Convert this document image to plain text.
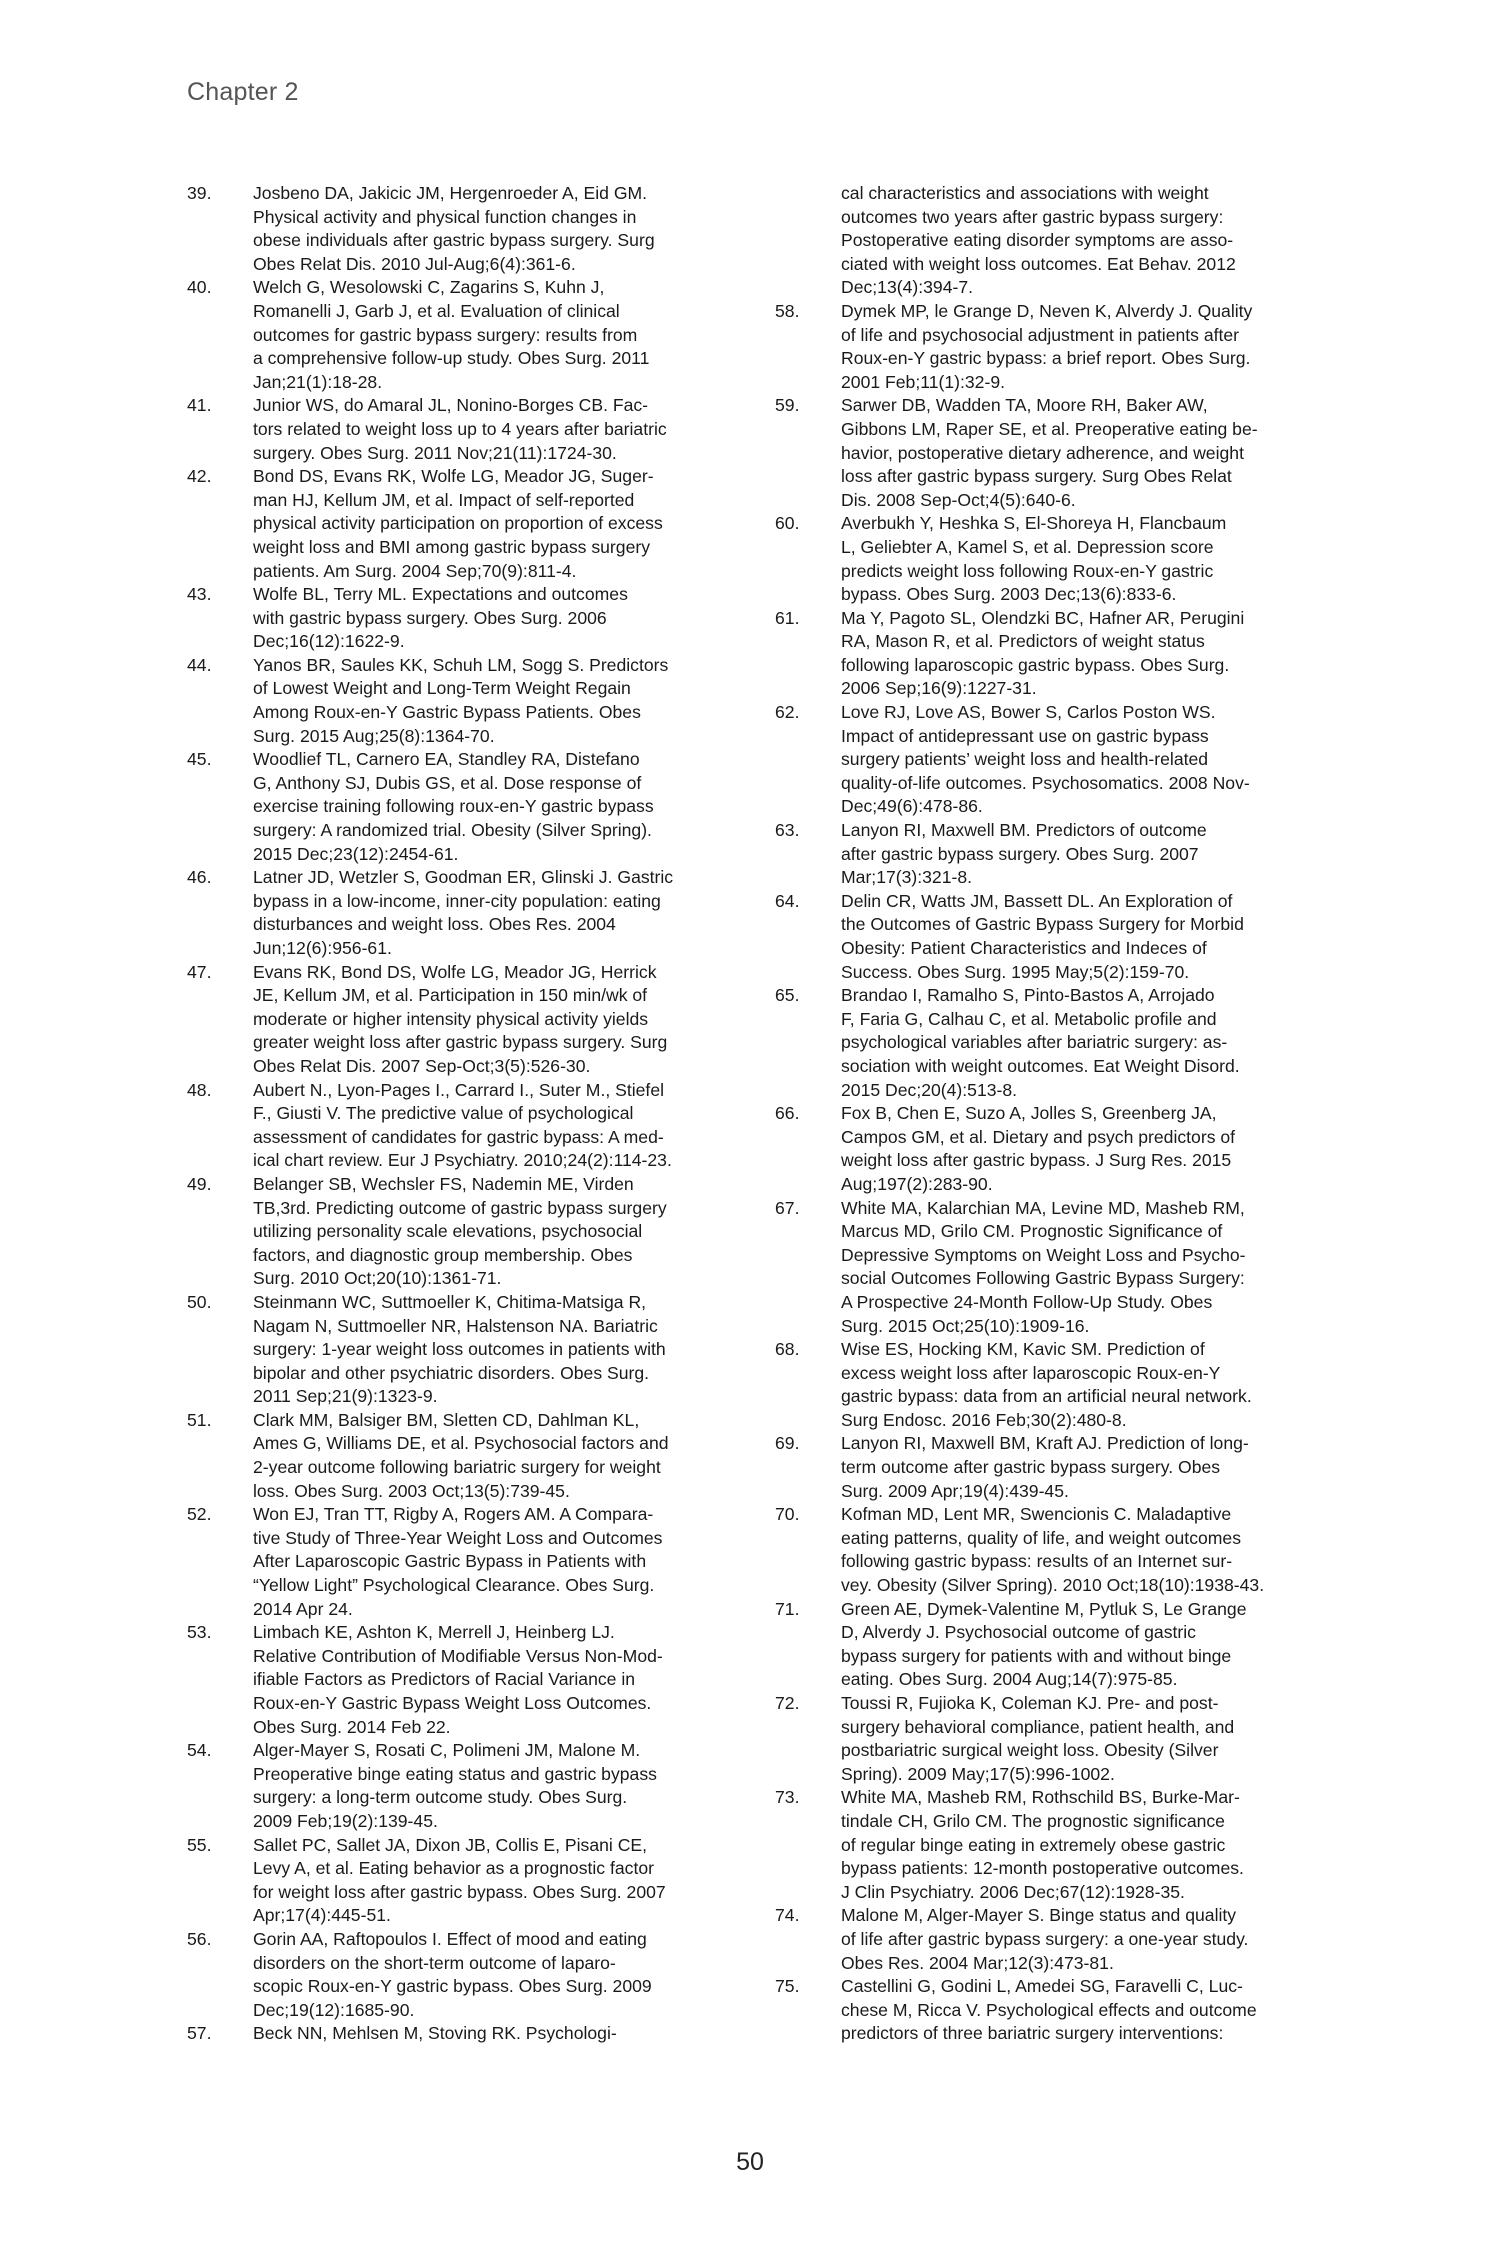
Chapter 2
39.	Josbeno DA, Jakicic JM, Hergenroeder A, Eid GM.
Physical activity and physical function changes in
obese individuals after gastric bypass surgery. Surg
Obes Relat Dis. 2010 Jul-Aug;6(4):361-6.
40.	Welch G, Wesolowski C, Zagarins S, Kuhn J,
Romanelli J, Garb J, et al. Evaluation of clinical
outcomes for gastric bypass surgery: results from
a comprehensive follow-up study. Obes Surg. 2011
Jan;21(1):18-28.
41.	Junior WS, do Amaral JL, Nonino-Borges CB. Fac-
tors related to weight loss up to 4 years after bariatric
surgery. Obes Surg. 2011 Nov;21(11):1724-30.
42.	Bond DS, Evans RK, Wolfe LG, Meador JG, Suger-
man HJ, Kellum JM, et al. Impact of self-reported
physical activity participation on proportion of excess
weight loss and BMI among gastric bypass surgery
patients. Am Surg. 2004 Sep;70(9):811-4.
43.	Wolfe BL, Terry ML. Expectations and outcomes
with gastric bypass surgery. Obes Surg. 2006
Dec;16(12):1622-9.
44.	Yanos BR, Saules KK, Schuh LM, Sogg S. Predictors
of Lowest Weight and Long-Term Weight Regain
Among Roux-en-Y Gastric Bypass Patients. Obes
Surg. 2015 Aug;25(8):1364-70.
45.	Woodlief TL, Carnero EA, Standley RA, Distefano
G, Anthony SJ, Dubis GS, et al. Dose response of
exercise training following roux-en-Y gastric bypass
surgery: A randomized trial. Obesity (Silver Spring).
2015 Dec;23(12):2454-61.
46.	Latner JD, Wetzler S, Goodman ER, Glinski J. Gastric
bypass in a low-income, inner-city population: eating
disturbances and weight loss. Obes Res. 2004
Jun;12(6):956-61.
47.	Evans RK, Bond DS, Wolfe LG, Meador JG, Herrick
JE, Kellum JM, et al. Participation in 150 min/wk of
moderate or higher intensity physical activity yields
greater weight loss after gastric bypass surgery. Surg
Obes Relat Dis. 2007 Sep-Oct;3(5):526-30.
48.	Aubert N., Lyon-Pages I., Carrard I., Suter M., Stiefel
F., Giusti V. The predictive value of psychological
assessment of candidates for gastric bypass: A med-
ical chart review. Eur J Psychiatry. 2010;24(2):114-23.
49.	Belanger SB, Wechsler FS, Nademin ME, Virden
TB,3rd. Predicting outcome of gastric bypass surgery
utilizing personality scale elevations, psychosocial
factors, and diagnostic group membership. Obes
Surg. 2010 Oct;20(10):1361-71.
50.	Steinmann WC, Suttmoeller K, Chitima-Matsiga R,
Nagam N, Suttmoeller NR, Halstenson NA. Bariatric
surgery: 1-year weight loss outcomes in patients with
bipolar and other psychiatric disorders. Obes Surg.
2011 Sep;21(9):1323-9.
51.	Clark MM, Balsiger BM, Sletten CD, Dahlman KL,
Ames G, Williams DE, et al. Psychosocial factors and
2-year outcome following bariatric surgery for weight
loss. Obes Surg. 2003 Oct;13(5):739-45.
52.	Won EJ, Tran TT, Rigby A, Rogers AM. A Compara-
tive Study of Three-Year Weight Loss and Outcomes
After Laparoscopic Gastric Bypass in Patients with
“Yellow Light” Psychological Clearance. Obes Surg.
2014 Apr 24.
53.	Limbach KE, Ashton K, Merrell J, Heinberg LJ.
Relative Contribution of Modifiable Versus Non-Mod-
ifiable Factors as Predictors of Racial Variance in
Roux-en-Y Gastric Bypass Weight Loss Outcomes.
Obes Surg. 2014 Feb 22.
54.	Alger-Mayer S, Rosati C, Polimeni JM, Malone M.
Preoperative binge eating status and gastric bypass
surgery: a long-term outcome study. Obes Surg.
2009 Feb;19(2):139-45.
55.	Sallet PC, Sallet JA, Dixon JB, Collis E, Pisani CE,
Levy A, et al. Eating behavior as a prognostic factor
for weight loss after gastric bypass. Obes Surg. 2007
Apr;17(4):445-51.
56.	Gorin AA, Raftopoulos I. Effect of mood and eating
disorders on the short-term outcome of laparo-
scopic Roux-en-Y gastric bypass. Obes Surg. 2009
Dec;19(12):1685-90.
57.	Beck NN, Mehlsen M, Stoving RK. Psychologi-
cal characteristics and associations with weight
outcomes two years after gastric bypass surgery:
Postoperative eating disorder symptoms are asso-
ciated with weight loss outcomes. Eat Behav. 2012
Dec;13(4):394-7.
58.	Dymek MP, le Grange D, Neven K, Alverdy J. Quality
of life and psychosocial adjustment in patients after
Roux-en-Y gastric bypass: a brief report. Obes Surg.
2001 Feb;11(1):32-9.
59.	Sarwer DB, Wadden TA, Moore RH, Baker AW,
Gibbons LM, Raper SE, et al. Preoperative eating be-
havior, postoperative dietary adherence, and weight
loss after gastric bypass surgery. Surg Obes Relat
Dis. 2008 Sep-Oct;4(5):640-6.
60.	Averbukh Y, Heshka S, El-Shoreya H, Flancbaum
L, Geliebter A, Kamel S, et al. Depression score
predicts weight loss following Roux-en-Y gastric
bypass. Obes Surg. 2003 Dec;13(6):833-6.
61.	Ma Y, Pagoto SL, Olendzki BC, Hafner AR, Perugini
RA, Mason R, et al. Predictors of weight status
following laparoscopic gastric bypass. Obes Surg.
2006 Sep;16(9):1227-31.
62.	Love RJ, Love AS, Bower S, Carlos Poston WS.
Impact of antidepressant use on gastric bypass
surgery patients’ weight loss and health-related
quality-of-life outcomes. Psychosomatics. 2008 Nov-
Dec;49(6):478-86.
63.	Lanyon RI, Maxwell BM. Predictors of outcome
after gastric bypass surgery. Obes Surg. 2007
Mar;17(3):321-8.
64.	Delin CR, Watts JM, Bassett DL. An Exploration of
the Outcomes of Gastric Bypass Surgery for Morbid
Obesity: Patient Characteristics and Indeces of
Success. Obes Surg. 1995 May;5(2):159-70.
65.	Brandao I, Ramalho S, Pinto-Bastos A, Arrojado
F, Faria G, Calhau C, et al. Metabolic profile and
psychological variables after bariatric surgery: as-
sociation with weight outcomes. Eat Weight Disord.
2015 Dec;20(4):513-8.
66.	Fox B, Chen E, Suzo A, Jolles S, Greenberg JA,
Campos GM, et al. Dietary and psych predictors of
weight loss after gastric bypass. J Surg Res. 2015
Aug;197(2):283-90.
67.	White MA, Kalarchian MA, Levine MD, Masheb RM,
Marcus MD, Grilo CM. Prognostic Significance of
Depressive Symptoms on Weight Loss and Psycho-
social Outcomes Following Gastric Bypass Surgery:
A Prospective 24-Month Follow-Up Study. Obes
Surg. 2015 Oct;25(10):1909-16.
68.	Wise ES, Hocking KM, Kavic SM. Prediction of
excess weight loss after laparoscopic Roux-en-Y
gastric bypass: data from an artificial neural network.
Surg Endosc. 2016 Feb;30(2):480-8.
69.	Lanyon RI, Maxwell BM, Kraft AJ. Prediction of long-
term outcome after gastric bypass surgery. Obes
Surg. 2009 Apr;19(4):439-45.
70.	Kofman MD, Lent MR, Swencionis C. Maladaptive
eating patterns, quality of life, and weight outcomes
following gastric bypass: results of an Internet sur-
vey. Obesity (Silver Spring). 2010 Oct;18(10):1938-43.
71.	Green AE, Dymek-Valentine M, Pytluk S, Le Grange
D, Alverdy J. Psychosocial outcome of gastric
bypass surgery for patients with and without binge
eating. Obes Surg. 2004 Aug;14(7):975-85.
72.	Toussi R, Fujioka K, Coleman KJ. Pre- and post-
surgery behavioral compliance, patient health, and
postbariatric surgical weight loss. Obesity (Silver
Spring). 2009 May;17(5):996-1002.
73.	White MA, Masheb RM, Rothschild BS, Burke-Mar-
tindale CH, Grilo CM. The prognostic significance
of regular binge eating in extremely obese gastric
bypass patients: 12-month postoperative outcomes.
J Clin Psychiatry. 2006 Dec;67(12):1928-35.
74.	Malone M, Alger-Mayer S. Binge status and quality
of life after gastric bypass surgery: a one-year study.
Obes Res. 2004 Mar;12(3):473-81.
75.	Castellini G, Godini L, Amedei SG, Faravelli C, Luc-
chese M, Ricca V. Psychological effects and outcome
predictors of three bariatric surgery interventions:
50
